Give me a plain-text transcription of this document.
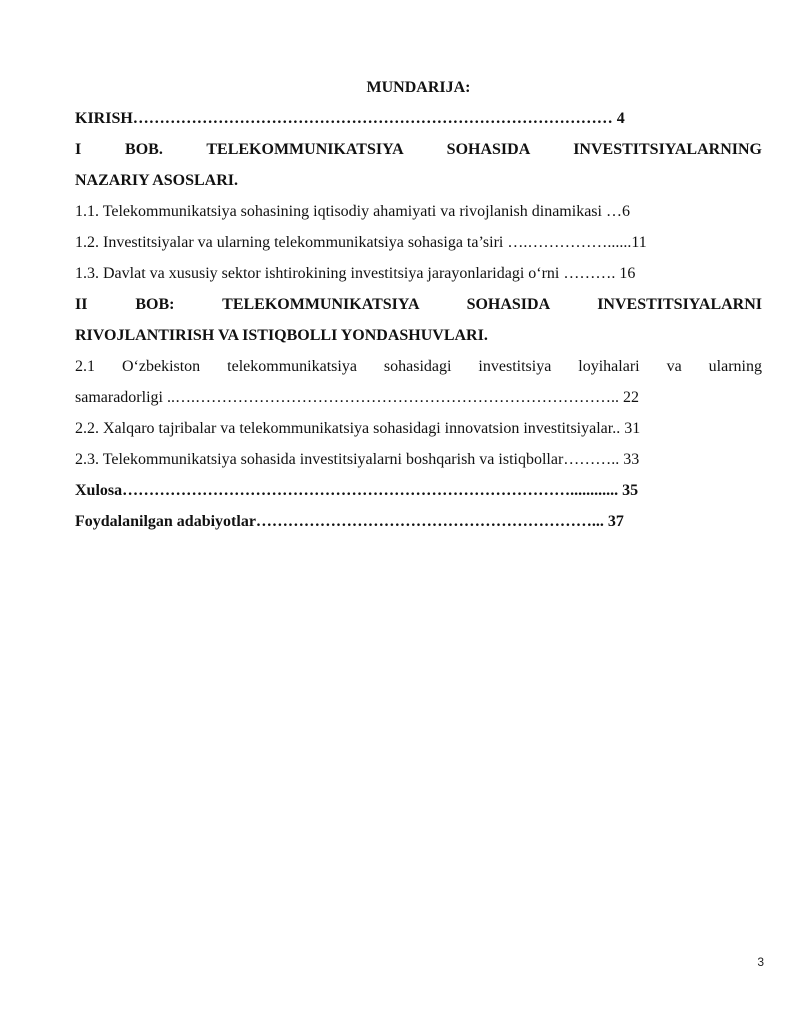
MUNDARIJA:

KIRISH……………………………………………………………………………… 4

I BOB. TELEKOMMUNIKATSIYA SOHASIDA INVESTITSIYALARNING

NAZARIY ASOSLARI.

1.1. Telekommunikatsiya sohasining iqtisodiy ahamiyati va rivojlanish dinamikasi …6

1.2. Investitsiyalar va ularning telekommunikatsiya sohasiga ta’siri ….……………......11

1.3. Davlat va xususiy sektor ishtirokining investitsiya jarayonlaridagi o‘rni ………. 16

II BOB: TELEKOMMUNIKATSIYA SOHASIDA INVESTITSIYALARNI

RIVOJLANTIRISH VA ISTIQBOLLI YONDASHUVLARI.

2.1 O‘zbekiston telekommunikatsiya sohasidagi investitsiya loyihalari va ularning

samaradorligi ..….…………………………………………………………………….. 22

2.2. Xalqaro tajribalar va telekommunikatsiya sohasidagi innovatsion investitsiyalar.. 31

2.3. Telekommunikatsiya sohasida investitsiyalarni boshqarish va istiqbollar……….. 33

Xulosa…………………………………………………………………………............ 35

Foydalanilgan adabiyotlar………………………………………………………... 37

3
